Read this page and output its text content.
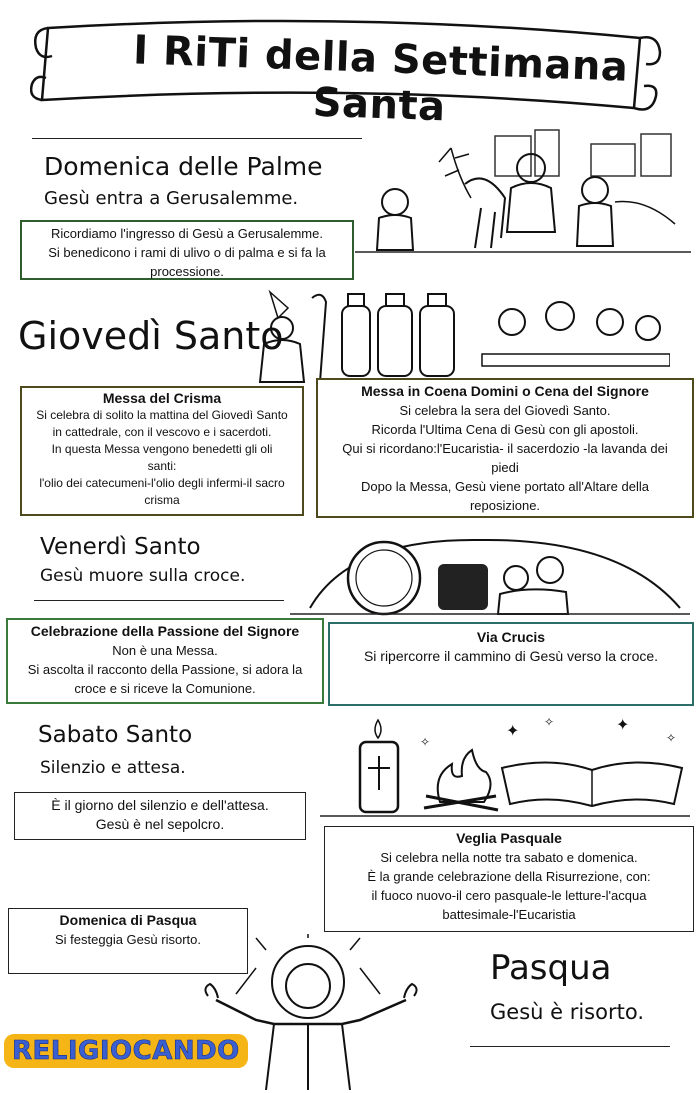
I RiTi della Settimana Santa
Domenica delle Palme
Gesù entra a Gerusalemme.
Ricordiamo l'ingresso di Gesù a Gerusalemme.
Si benedicono i rami di ulivo o di palma e si fa la
processione.
Giovedì Santo
Messa del Crisma
Si celebra di solito la mattina del Giovedì Santo
in cattedrale, con il vescovo e i sacerdoti.
In questa Messa vengono benedetti gli oli
santi:
l'olio dei catecumeni-l'olio degli infermi-il sacro
crisma
Messa in Coena Domini o Cena del Signore
Si celebra la sera del Giovedì Santo.
Ricorda l'Ultima Cena di Gesù con gli apostoli.
Qui si ricordano:l'Eucaristia- il sacerdozio -la lavanda dei
piedi
Dopo la Messa, Gesù viene portato all'Altare della
reposizione.
Venerdì Santo
Gesù muore sulla croce.
Celebrazione della Passione del Signore
Non è una Messa.
Si ascolta il racconto della Passione, si adora la
croce e si riceve la Comunione.
Via Crucis
Si ripercorre il cammino di Gesù verso la croce.
Sabato Santo
Silenzio e attesa.
✦
✧	✦
✧
✧
È il giorno del silenzio e dell'attesa.
Gesù è nel sepolcro.
Veglia Pasquale
Si celebra nella notte tra sabato e domenica.
È la grande celebrazione della Risurrezione, con:
il fuoco nuovo-il cero pasquale-le letture-l'acqua
battesimale-l'Eucaristia
Domenica di Pasqua
Si festeggia Gesù risorto.
Pasqua
Gesù è risorto.
RELIGIOCANDO
